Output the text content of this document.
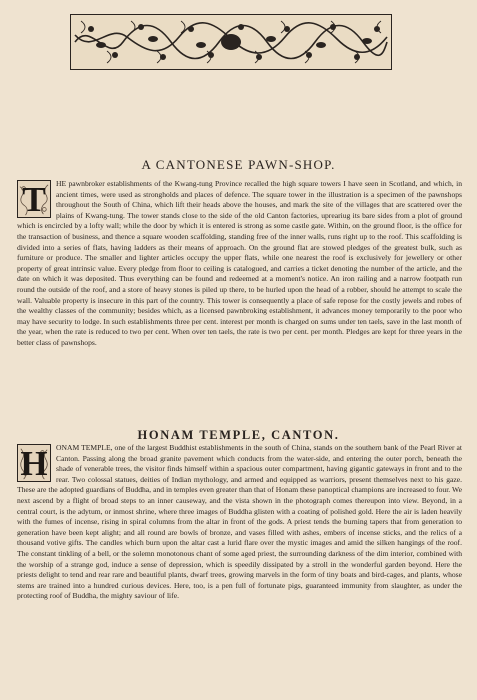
A CANTONESE PAWN-SHOP.
T	HE pawnbroker establishments of the Kwang-tung Province recalled the high square towers I have seen in Scotland, and which, in ancient times, were used as strongholds and places of defence. The square tower in the illustration is a specimen of the pawnshops throughout the South of China, which lift their heads above the houses, and mark the site of the villages that are scattered over the plains of Kwang-tung. The tower stands close to the side of the old Canton factories, upreariug its bare sides from a plot of ground which is encircled by a lofty wall; while the door by which it is entered is strong as some castle gate. Within, on the ground floor, is the office for the transaction of business, and thence a square wooden scaffolding, standing free of the inner walls, runs right up to the roof. This scaffolding is divided into a series of flats, having ladders as their means of approach. On the ground flat are stowed pledges of the greatest bulk, such as furniture or produce. The smaller and lighter articles occupy the upper flats, while one nearest the roof is exclusively for jewellery or other property of great intrinsic value. Every pledge from floor to ceiling is catalogued, and carries a ticket denoting the number of the article, and the date on which it was deposited. Thus everything can be found and redeemed at a moment's notice. An iron railing and a narrow footpath run round the outside of the roof, and a store of heavy stones is piled up there, to be hurled upon the head of a robber, should he attempt to scale the wall. Valuable property is insecure in this part of the country. This tower is consequently a place of safe repose for the costly jewels and robes of the wealthy classes of the community; besides which, as a licensed pawnbroking establishment, it advances money temporarily to the poor who may have security to lodge. In such establishments three per cent. interest per month is charged on sums under ten taels, save in the last month of the year, when the rate is reduced to two per cent. When over ten taels, the rate is two per cent. per month. Pledges are kept for three years in the better class of pawnshops.
HONAM TEMPLE, CANTON.
H	ONAM TEMPLE, one of the largest Buddhist establishments in the south of China, stands on the southern bank of the Pearl River at Canton. Passing along the broad granite pavement which conducts from the water-side, and entering the outer porch, beneath the shade of venerable trees, the visitor finds himself within a spacious outer compartment, having gigantic gateways in front and to the rear. Two colossal statues, deities of Indian mythology, and armed and equipped as warriors, present themselves next to his gaze. These are the adopted guardians of Buddha, and in temples even greater than that of Honam these panoptical champions are increased to four. We next ascend by a flight of broad steps to an inner causeway, and the vista shown in the photograph comes thereupon into view. Beyond, in a central court, is the adytum, or inmost shrine, where three images of Buddha glisten with a coating of polished gold. Here the air is laden heavily with the fumes of incense, rising in spiral columns from the altar in front of the gods. A priest tends the burning tapers that from generation to generation have been kept alight; and all round are bowls of bronze, and vases filled with ashes, embers of incense sticks, and the relics of a thousand votive gifts. The candles which burn upon the altar cast a lurid flare over the mystic images and amid the silken hangings of the roof. The constant tinkling of a bell, or the solemn monotonous chant of some aged priest, the surrounding darkness of the dim interior, combined with the worship of a strange god, induce a sense of depression, which is speedily dissipated by a stroll in the wonderful garden beyond. Here the priests delight to tend and rear rare and beautiful plants, dwarf trees, growing marvels in the form of tiny boats and bird-cages, and plants, whose stems are trained into a hundred curious devices. Here, too, is a pen full of fortunate pigs, guaranteed immunity from slaughter, as under the protecting roof of Buddha, the mighty saviour of life.
